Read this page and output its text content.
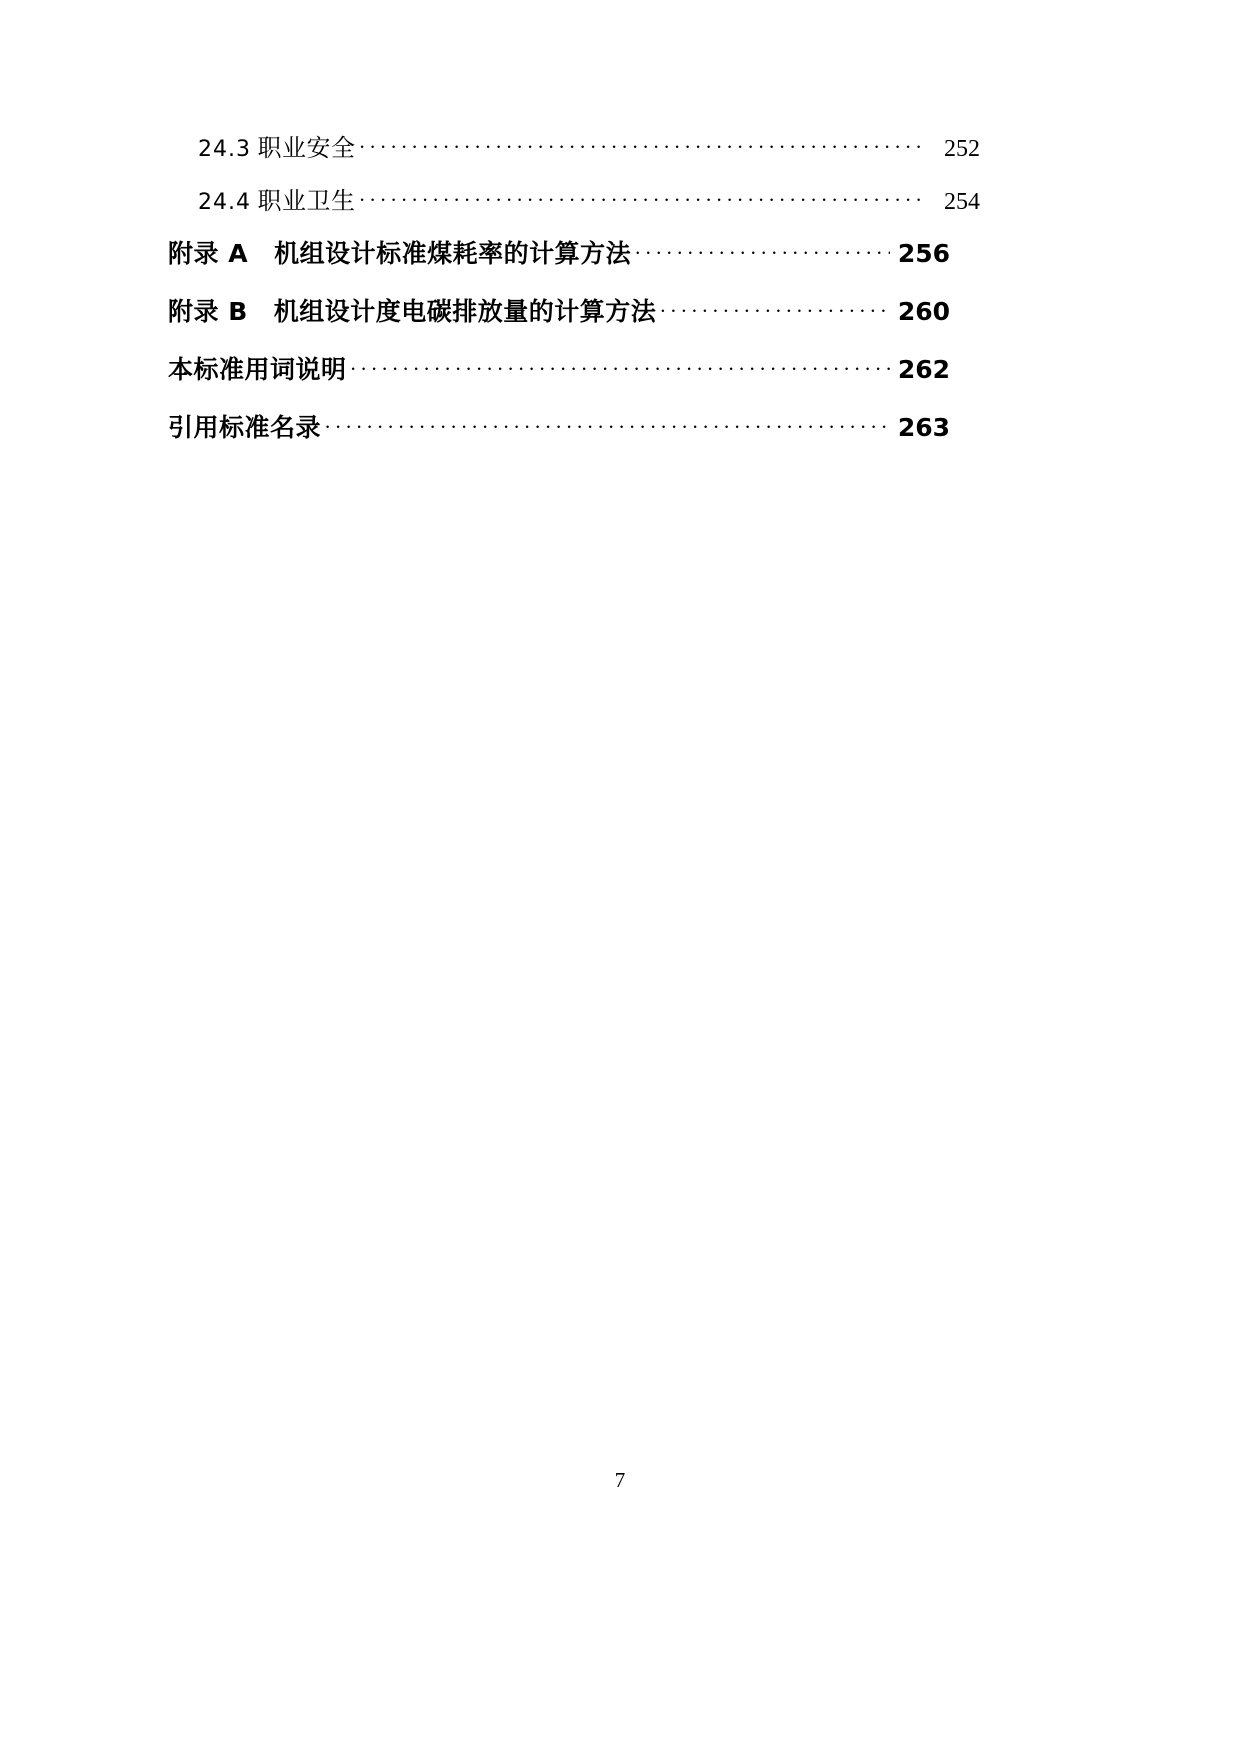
24.3 职业安全 . . .	252
24.4 职业卫生 . . .	254
附录 A 机组设计标准煤耗率的计算方法 . . .	256
附录 B 机组设计度电碳排放量的计算方法 . . .	260
本标准用词说明 . . .	262
引用标准名录 . . .	263
7
